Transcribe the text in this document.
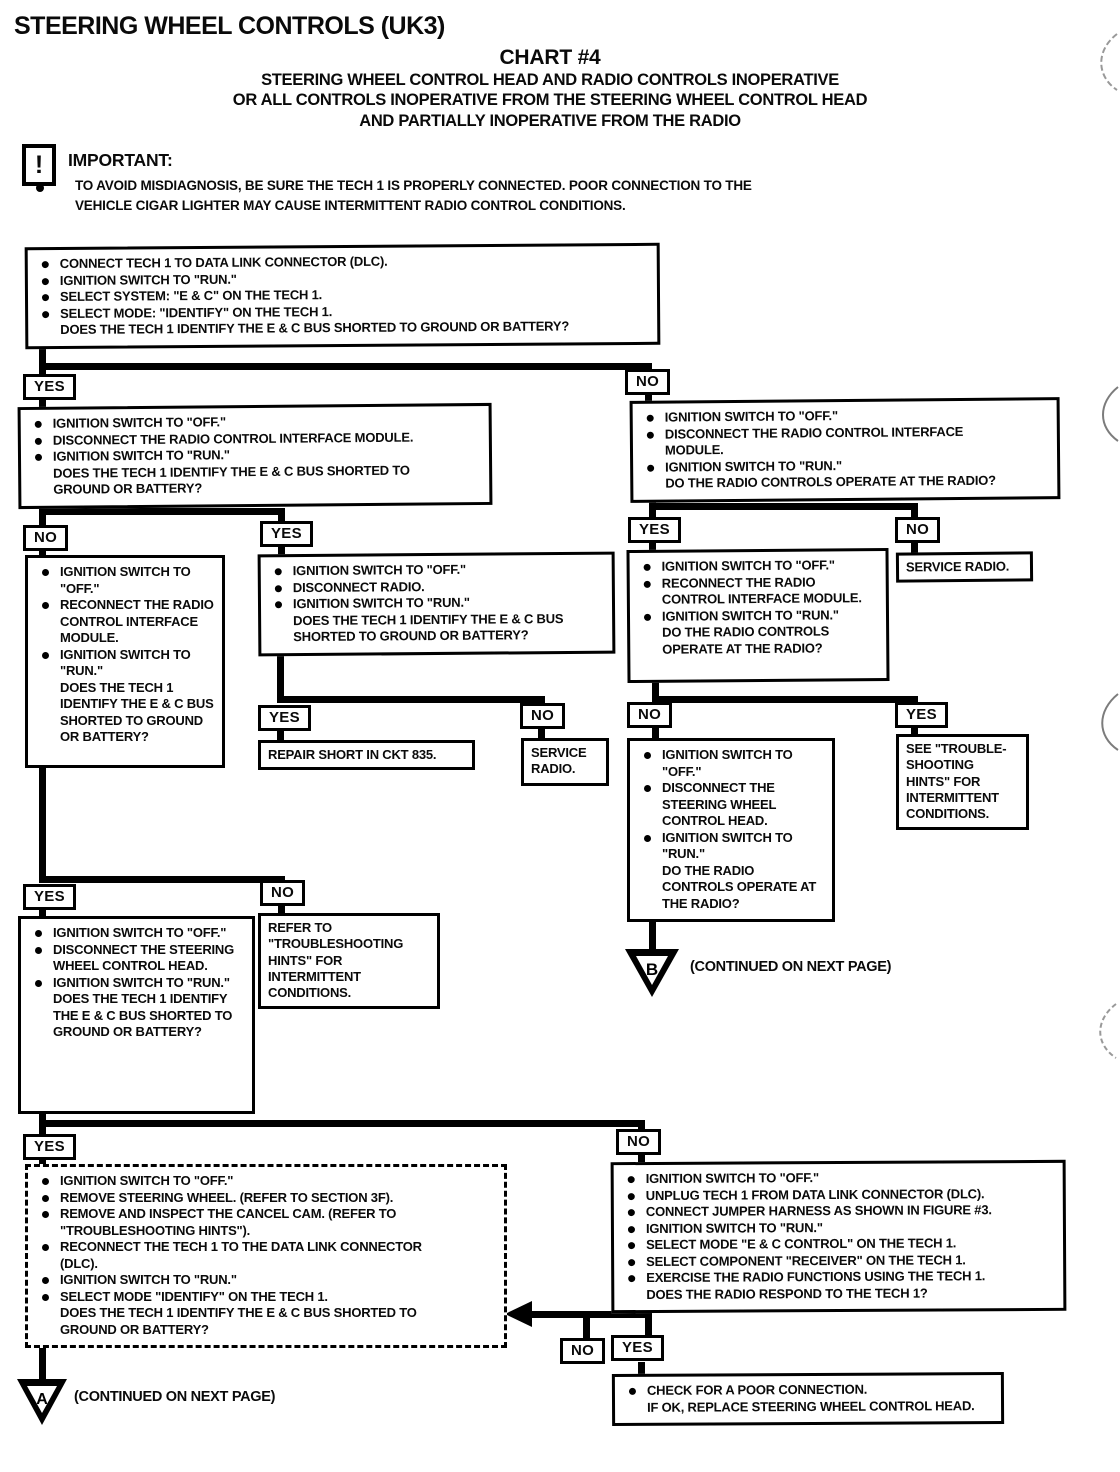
STEERING WHEEL CONTROLS (UK3)
CHART #4
STEERING WHEEL CONTROL HEAD AND RADIO CONTROLS INOPERATIVE
OR ALL CONTROLS INOPERATIVE FROM THE STEERING WHEEL CONTROL HEAD
AND PARTIALLY INOPERATIVE FROM THE RADIO
!	IMPORTANT:
TO AVOID MISDIAGNOSIS, BE SURE THE TECH 1 IS PROPERLY CONNECTED. POOR CONNECTION TO THE VEHICLE CIGAR LIGHTER MAY CAUSE INTERMITTENT RADIO CONTROL CONDITIONS.
CONNECT TECH 1 TO DATA LINK CONNECTOR (DLC).
IGNITION SWITCH TO "RUN."
SELECT SYSTEM: "E & C" ON THE TECH 1.
SELECT MODE: "IDENTIFY" ON THE TECH 1.
DOES THE TECH 1 IDENTIFY THE E & C BUS SHORTED TO GROUND OR BATTERY?
YES	NO
IGNITION SWITCH TO "OFF."
DISCONNECT THE RADIO CONTROL INTERFACE MODULE.
IGNITION SWITCH TO "RUN."
DOES THE TECH 1 IDENTIFY THE E & C BUS SHORTED TO GROUND OR BATTERY?
IGNITION SWITCH TO "OFF."
DISCONNECT THE RADIO CONTROL INTERFACE MODULE.
IGNITION SWITCH TO "RUN."
DO THE RADIO CONTROLS OPERATE AT THE RADIO?
NO	YES
IGNITION SWITCH TO "OFF."
RECONNECT THE RADIO CONTROL INTERFACE MODULE.
IGNITION SWITCH TO "RUN."
DOES THE TECH 1 IDENTIFY THE E & C BUS SHORTED TO GROUND OR BATTERY?
IGNITION SWITCH TO "OFF."
DISCONNECT RADIO.
IGNITION SWITCH TO "RUN."
DOES THE TECH 1 IDENTIFY THE E & C BUS SHORTED TO GROUND OR BATTERY?
YES	NO
IGNITION SWITCH TO "OFF."
RECONNECT THE RADIO CONTROL INTERFACE MODULE.
IGNITION SWITCH TO "RUN."
DO THE RADIO CONTROLS OPERATE AT THE RADIO?
SERVICE RADIO.
YES	NO
REPAIR SHORT IN CKT 835.	SERVICE RADIO.
NO	YES
IGNITION SWITCH TO "OFF."
DISCONNECT THE STEERING WHEEL CONTROL HEAD.
IGNITION SWITCH TO "RUN."
DO THE RADIO CONTROLS OPERATE AT THE RADIO?
SEE "TROUBLE-SHOOTING HINTS" FOR INTERMITTENT CONDITIONS.
B (CONTINUED ON NEXT PAGE)
YES	NO
IGNITION SWITCH TO "OFF."
DISCONNECT THE STEERING WHEEL CONTROL HEAD.
IGNITION SWITCH TO "RUN."
DOES THE TECH 1 IDENTIFY THE E & C BUS SHORTED TO GROUND OR BATTERY?
REFER TO "TROUBLESHOOTING HINTS" FOR INTERMITTENT CONDITIONS.
YES	NO
IGNITION SWITCH TO "OFF."
REMOVE STEERING WHEEL. (REFER TO SECTION 3F).
REMOVE AND INSPECT THE CANCEL CAM. (REFER TO "TROUBLESHOOTING HINTS").
RECONNECT THE TECH 1 TO THE DATA LINK CONNECTOR (DLC).
IGNITION SWITCH TO "RUN."
SELECT MODE "IDENTIFY" ON THE TECH 1.
DOES THE TECH 1 IDENTIFY THE E & C BUS SHORTED TO GROUND OR BATTERY?
IGNITION SWITCH TO "OFF."
UNPLUG TECH 1 FROM DATA LINK CONNECTOR (DLC).
CONNECT JUMPER HARNESS AS SHOWN IN FIGURE #3.
IGNITION SWITCH TO "RUN."
SELECT MODE "E & C CONTROL" ON THE TECH 1.
SELECT COMPONENT "RECEIVER" ON THE TECH 1.
EXERCISE THE RADIO FUNCTIONS USING THE TECH 1.
DOES THE RADIO RESPOND TO THE TECH 1?
A (CONTINUED ON NEXT PAGE)
NO	YES
CHECK FOR A POOR CONNECTION.
IF OK, REPLACE STEERING WHEEL CONTROL HEAD.
